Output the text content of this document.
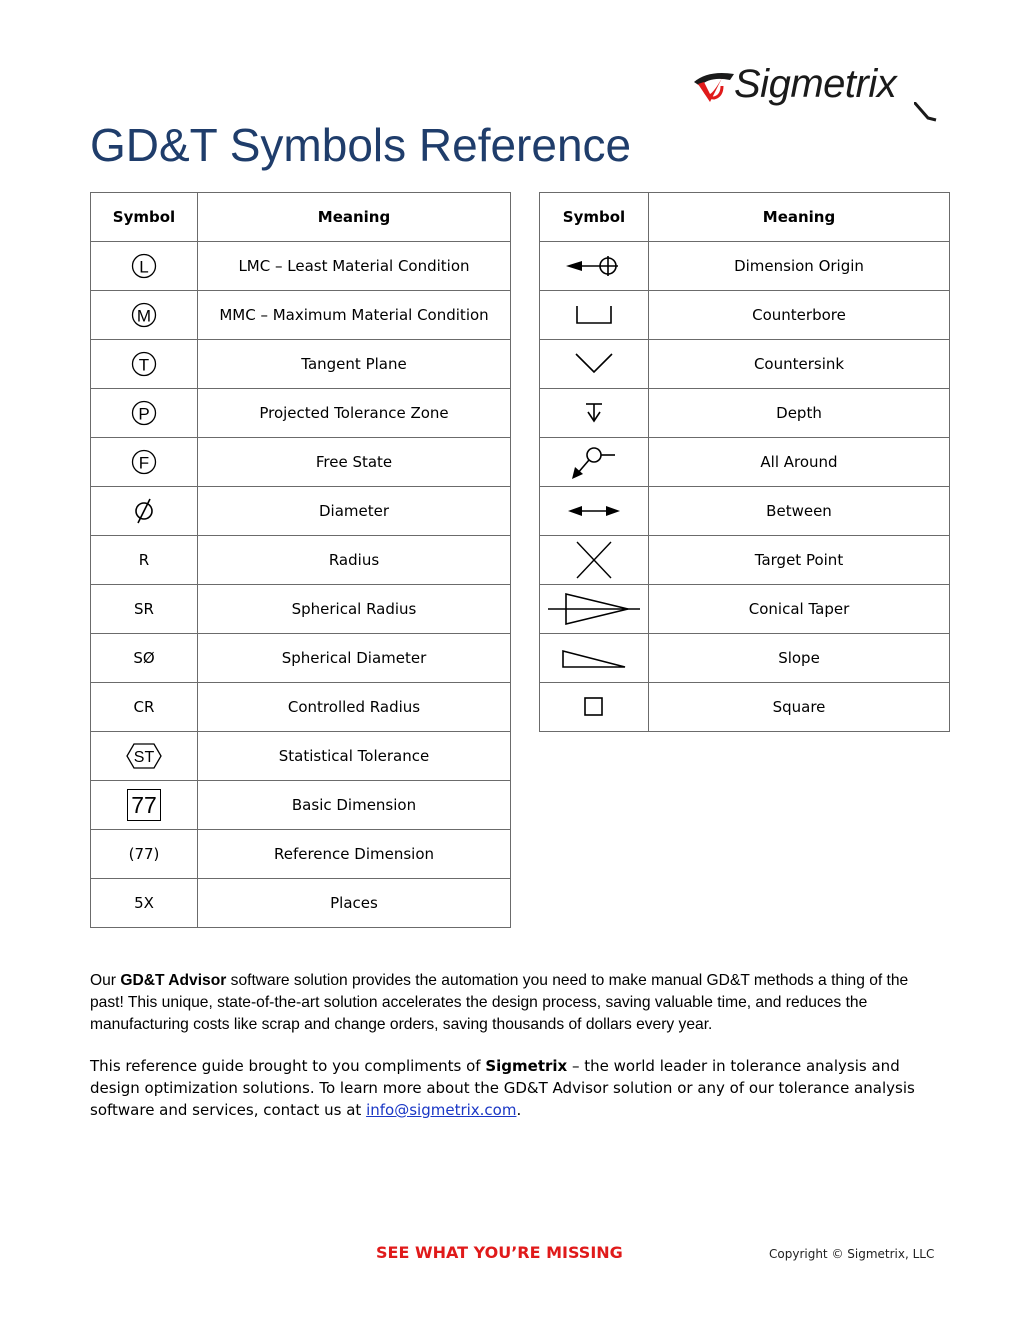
Sigmetrix
GD&T Symbols Reference
Symbol	Meaning

L	LMC – Least Material Condition

M	MMC – Maximum Material Condition

T	Tangent Plane

P	Projected Tolerance Zone

F	Free State

	Diameter
R	Radius
SR	Spherical Radius
SØ	Spherical Diameter
CR	Controlled Radius

ST	Statistical Tolerance
77	Basic Dimension
(77)	Reference Dimension
5X	Places
Symbol	Meaning

	Dimension Origin

	Counterbore

	Countersink

	Depth

	All Around

	Between

	Target Point

	Conical Taper

	Slope

	Square
Our GD&T Advisor software solution provides the automation you need to make manual GD&T methods a thing of the past! This unique, state-of-the-art solution accelerates the design process, saving valuable time, and reduces the manufacturing costs like scrap and change orders, saving thousands of dollars every year.
This reference guide brought to you compliments of Sigmetrix – the world leader in tolerance analysis and design optimization solutions. To learn more about the GD&T Advisor solution or any of our tolerance analysis software and services, contact us at info@sigmetrix.com.
SEE WHAT YOU’RE MISSING	Copyright © Sigmetrix, LLC
